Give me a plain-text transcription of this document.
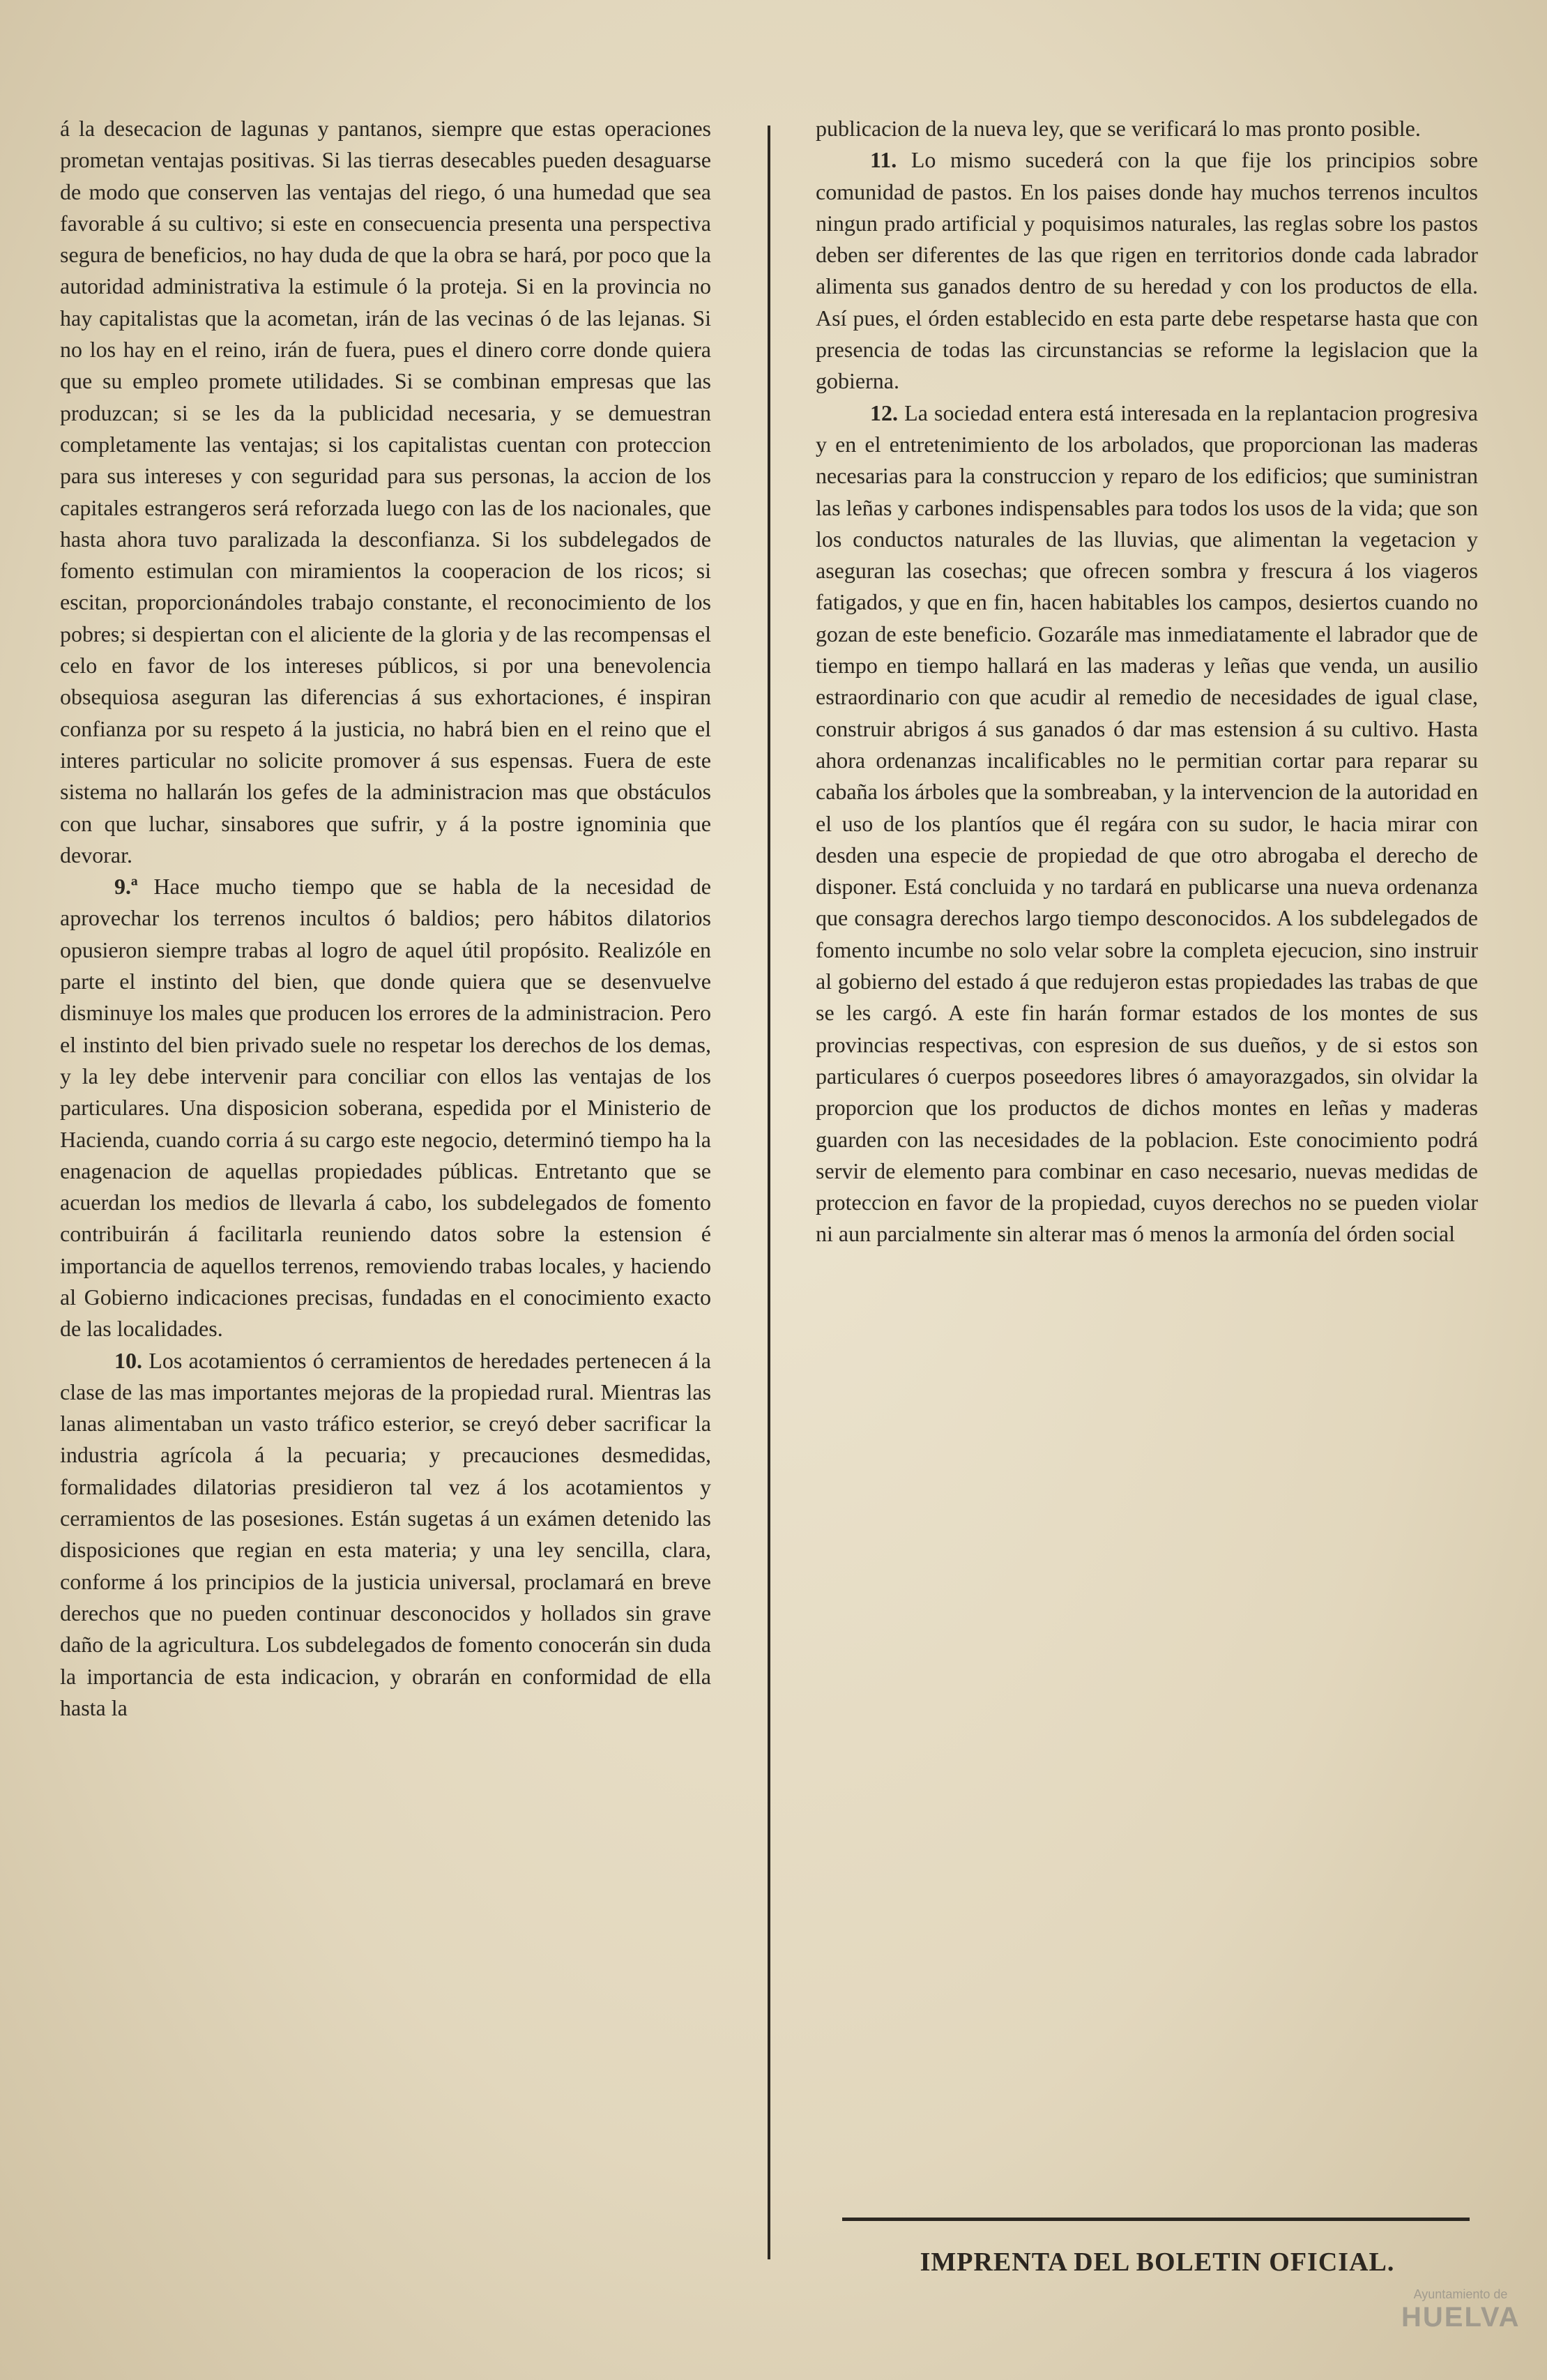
á la desecacion de lagunas y pantanos, siempre que estas operaciones prometan ventajas positivas. Si las tierras desecables pueden desaguarse de modo que conserven las ventajas del riego, ó una humedad que sea favorable á su cultivo; si este en consecuencia presenta una perspectiva segura de beneficios, no hay duda de que la obra se hará, por poco que la autoridad administrativa la estimule ó la proteja. Si en la provincia no hay capitalistas que la acometan, irán de las vecinas ó de las lejanas. Si no los hay en el reino, irán de fuera, pues el dinero corre donde quiera que su empleo promete utilidades. Si se combinan empresas que las produzcan; si se les da la publicidad necesaria, y se demuestran completamente las ventajas; si los capitalistas cuentan con proteccion para sus intereses y con seguridad para sus personas, la accion de los capitales estrangeros será reforzada luego con las de los nacionales, que hasta ahora tuvo paralizada la desconfianza. Si los subdelegados de fomento estimulan con miramientos la cooperacion de los ricos; si escitan, proporcionándoles trabajo constante, el reconocimiento de los pobres; si despiertan con el aliciente de la gloria y de las recompensas el celo en favor de los intereses públicos, si por una benevolencia obsequiosa aseguran las diferencias á sus exhortaciones, é inspiran confianza por su respeto á la justicia, no habrá bien en el reino que el interes particular no solicite promover á sus espensas. Fuera de este sistema no hallarán los gefes de la administracion mas que obstáculos con que luchar, sinsabores que sufrir, y á la postre ignominia que devorar.

9.ª Hace mucho tiempo que se habla de la necesidad de aprovechar los terrenos incultos ó baldios; pero hábitos dilatorios opusieron siempre trabas al logro de aquel útil propósito. Realizóle en parte el instinto del bien, que donde quiera que se desenvuelve disminuye los males que producen los errores de la administracion. Pero el instinto del bien privado suele no respetar los derechos de los demas, y la ley debe intervenir para conciliar con ellos las ventajas de los particulares. Una disposicion soberana, espedida por el Ministerio de Hacienda, cuando corria á su cargo este negocio, determinó tiempo ha la enagenacion de aquellas propiedades públicas. Entretanto que se acuerdan los medios de llevarla á cabo, los subdelegados de fomento contribuirán á facilitarla reuniendo datos sobre la estension é importancia de aquellos terrenos, removiendo trabas locales, y haciendo al Gobierno indicaciones precisas, fundadas en el conocimiento exacto de las localidades.

10. Los acotamientos ó cerramientos de heredades pertenecen á la clase de las mas importantes mejoras de la propiedad rural. Mientras las lanas alimentaban un vasto tráfico esterior, se creyó deber sacrificar la industria agrícola á la pecuaria; y precauciones desmedidas, formalidades dilatorias presidieron tal vez á los acotamientos y cerramientos de las posesiones. Están sugetas á un exámen detenido las disposiciones que regian en esta materia; y una ley sencilla, clara, conforme á los principios de la justicia universal, proclamará en breve derechos que no pueden continuar desconocidos y hollados sin grave daño de la agricultura. Los subdelegados de fomento conocerán sin duda la importancia de esta indicacion, y obrarán en conformidad de ella hasta la

publicacion de la nueva ley, que se verificará lo mas pronto posible.

11. Lo mismo sucederá con la que fije los principios sobre comunidad de pastos. En los paises donde hay muchos terrenos incultos ningun prado artificial y poquisimos naturales, las reglas sobre los pastos deben ser diferentes de las que rigen en territorios donde cada labrador alimenta sus ganados dentro de su heredad y con los productos de ella. Así pues, el órden establecido en esta parte debe respetarse hasta que con presencia de todas las circunstancias se reforme la legislacion que la gobierna.

12. La sociedad entera está interesada en la replantacion progresiva y en el entretenimiento de los arbolados, que proporcionan las maderas necesarias para la construccion y reparo de los edificios; que suministran las leñas y carbones indispensables para todos los usos de la vida; que son los conductos naturales de las lluvias, que alimentan la vegetacion y aseguran las cosechas; que ofrecen sombra y frescura á los viageros fatigados, y que en fin, hacen habitables los campos, desiertos cuando no gozan de este beneficio. Gozarále mas inmediatamente el labrador que de tiempo en tiempo hallará en las maderas y leñas que venda, un ausilio estraordinario con que acudir al remedio de necesidades de igual clase, construir abrigos á sus ganados ó dar mas estension á su cultivo. Hasta ahora ordenanzas incalificables no le permitian cortar para reparar su cabaña los árboles que la sombreaban, y la intervencion de la autoridad en el uso de los plantíos que él regára con su sudor, le hacia mirar con desden una especie de propiedad de que otro abrogaba el derecho de disponer. Está concluida y no tardará en publicarse una nueva ordenanza que consagra derechos largo tiempo desconocidos. A los subdelegados de fomento incumbe no solo velar sobre la completa ejecucion, sino instruir al gobierno del estado á que redujeron estas propiedades las trabas de que se les cargó. A este fin harán formar estados de los montes de sus provincias respectivas, con espresion de sus dueños, y de si estos son particulares ó cuerpos poseedores libres ó amayorazgados, sin olvidar la proporcion que los productos de dichos montes en leñas y maderas guarden con las necesidades de la poblacion. Este conocimiento podrá servir de elemento para combinar en caso necesario, nuevas medidas de proteccion en favor de la propiedad, cuyos derechos no se pueden violar ni aun parcialmente sin alterar mas ó menos la armonía del órden social

IMPRENTA DEL BOLETIN OFICIAL.
Ayuntamiento de
HUELVA
